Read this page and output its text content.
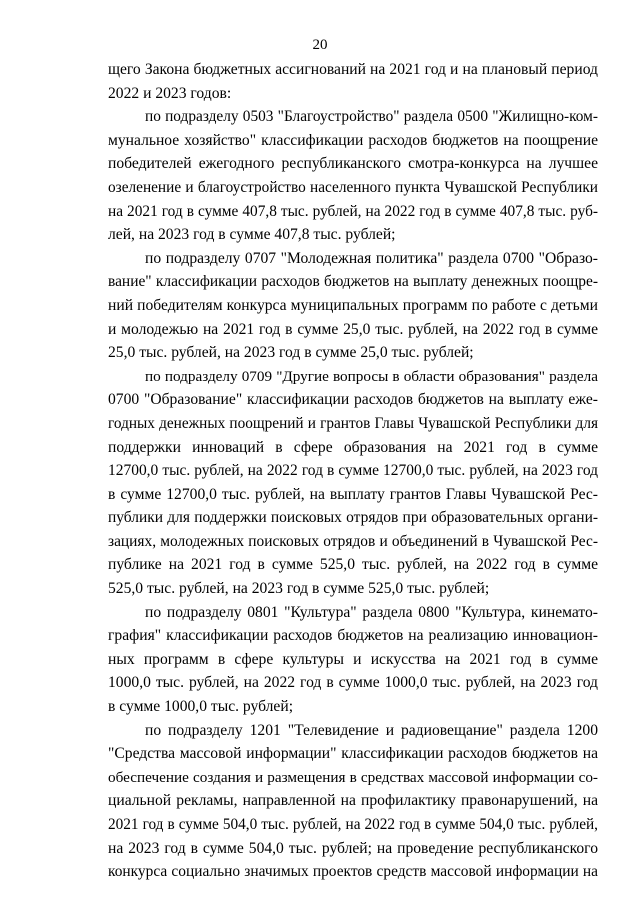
20
щего Закона бюджетных ассигнований на 2021 год и на плановый период
2022 и 2023 годов:
по подразделу 0503 "Благоустройство" раздела 0500 "Жилищно-ком-
мунальное хозяйство" классификации расходов бюджетов на поощрение
победителей ежегодного республиканского смотра-конкурса на лучшее
озеленение и благоустройство населенного пункта Чувашской Республики
на 2021 год в сумме 407,8 тыс. рублей, на 2022 год в сумме 407,8 тыс. руб-
лей, на 2023 год в сумме 407,8 тыс. рублей;
по подразделу 0707 "Молодежная политика" раздела 0700 "Образо-
вание" классификации расходов бюджетов на выплату денежных поощре-
ний победителям конкурса муниципальных программ по работе с детьми
и молодежью на 2021 год в сумме 25,0 тыс. рублей, на 2022 год в сумме
25,0 тыс. рублей, на 2023 год в сумме 25,0 тыс. рублей;
по подразделу 0709 "Другие вопросы в области образования" раздела
0700 "Образование" классификации расходов бюджетов на выплату еже-
годных денежных поощрений и грантов Главы Чувашской Республики для
поддержки инноваций в сфере образования на 2021 год в сумме
12700,0 тыс. рублей, на 2022 год в сумме 12700,0 тыс. рублей, на 2023 год
в сумме 12700,0 тыс. рублей, на выплату грантов Главы Чувашской Рес-
публики для поддержки поисковых отрядов при образовательных органи-
зациях, молодежных поисковых отрядов и объединений в Чувашской Рес-
публике на 2021 год в сумме 525,0 тыс. рублей, на 2022 год в сумме
525,0 тыс. рублей, на 2023 год в сумме 525,0 тыс. рублей;
по подразделу 0801 "Культура" раздела 0800 "Культура, кинемато-
графия" классификации расходов бюджетов на реализацию инновацион-
ных программ в сфере культуры и искусства на 2021 год в сумме
1000,0 тыс. рублей, на 2022 год в сумме 1000,0 тыс. рублей, на 2023 год
в сумме 1000,0 тыс. рублей;
по подразделу 1201 "Телевидение и радиовещание" раздела 1200
"Средства массовой информации" классификации расходов бюджетов на
обеспечение создания и размещения в средствах массовой информации со-
циальной рекламы, направленной на профилактику правонарушений, на
2021 год в сумме 504,0 тыс. рублей, на 2022 год в сумме 504,0 тыс. рублей,
на 2023 год в сумме 504,0 тыс. рублей; на проведение республиканского
конкурса социально значимых проектов средств массовой информации на
